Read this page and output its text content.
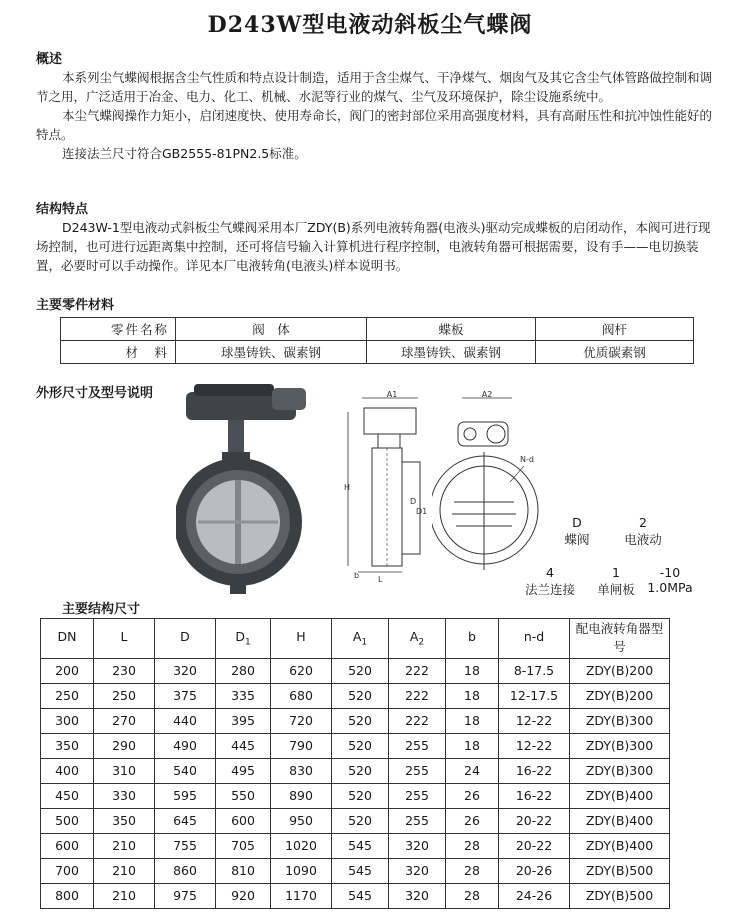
D243W型电液动斜板尘气蝶阀
概述

本系列尘气蝶阀根据含尘气性质和特点设计制造，适用于含尘煤气、干净煤气、烟囱气及其它含尘气体管路做控制和调节之用，广泛适用于冶金、电力、化工、机械、水泥等行业的煤气、尘气及环境保护，除尘设施系统中。

本尘气蝶阀操作力矩小，启闭速度快、使用寿命长，阀门的密封部位采用高强度材料，具有高耐压性和抗冲蚀性能好的特点。

连接法兰尺寸符合GB2555-81PN2.5标准。

结构特点

D243W-1型电液动式斜板尘气蝶阀采用本厂ZDY(B)系列电液转角器(电液头)驱动完成蝶板的启闭动作，本阀可进行现场控制，也可进行远距离集中控制，还可将信号输入计算机进行程序控制，电液转角器可根据需要，设有手——电切换装置，必要时可以手动操作。详见本厂电液转角(电液头)样本说明书。

主要零件材料
零件名称	阀　体	蝶板	阀杆
材　料	球墨铸铁、碳素钢	球墨铸铁、碳素钢	优质碳素钢
外形尺寸及型号说明	A1
H
D
D1
b L
A2
N-d
D
蝶阀
2
电液动
4
法兰连接
1
单闸板
-10
1.0MPa
主要结构尺寸
DN	L	D	$D_1$	H	$A_1$	$A_2$	b	n-d	配电液转角器型号
200	230	320	280	620	520	222	18	8-17.5	ZDY(B)200
250	250	375	335	680	520	222	18	12-17.5	ZDY(B)200
300	270	440	395	720	520	222	18	12-22	ZDY(B)300
350	290	490	445	790	520	255	18	12-22	ZDY(B)300
400	310	540	495	830	520	255	24	16-22	ZDY(B)300
450	330	595	550	890	520	255	26	16-22	ZDY(B)400
500	350	645	600	950	520	255	26	20-22	ZDY(B)400
600	210	755	705	1020	545	320	28	20-22	ZDY(B)400
700	210	860	810	1090	545	320	28	20-26	ZDY(B)500
800	210	975	920	1170	545	320	28	24-26	ZDY(B)500
